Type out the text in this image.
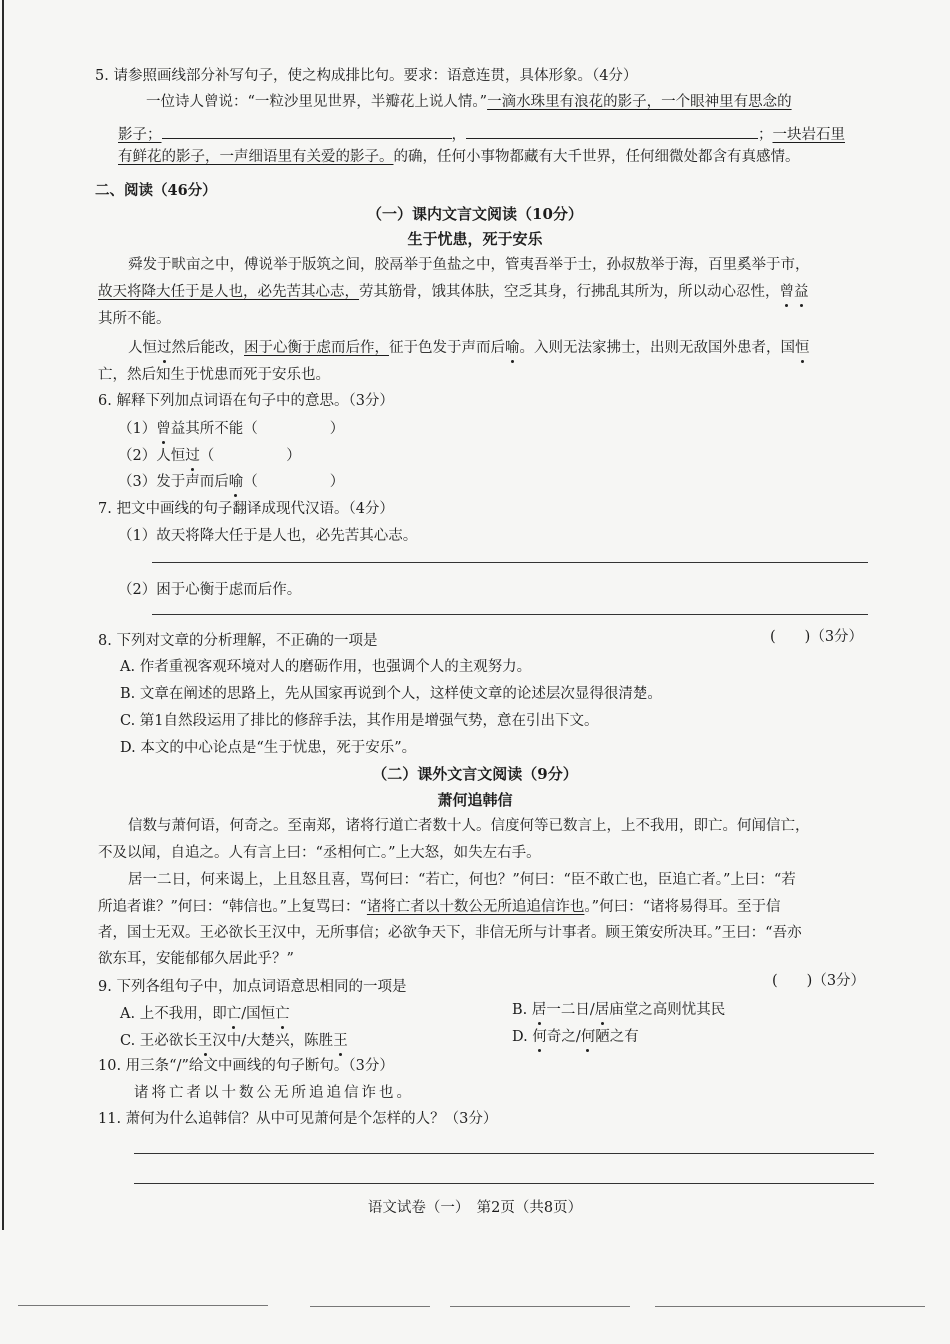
5. 请参照画线部分补写句子，使之构成排比句。要求：语意连贯，具体形象。（4分）
一位诗人曾说：“一粒沙里见世界，半瓣花上说人情。”一滴水珠里有浪花的影子，一个眼神里有思念的
影子；	，	；一块岩石里
有鲜花的影子，一声细语里有关爱的影子。的确，任何小事物都藏有大千世界，任何细微处都含有真感情。
二、阅读（46分）
（一）课内文言文阅读（10分）
生于忧患，死于安乐
舜发于畎亩之中，傅说举于版筑之间，胶鬲举于鱼盐之中，管夷吾举于士，孙叔敖举于海，百里奚举于市，
故天将降大任于是人也，必先苦其心志，劳其筋骨，饿其体肤，空乏其身，行拂乱其所为，所以动心忍性，曾益
其所不能。
人恒过然后能改，困于心衡于虑而后作，征于色发于声而后喻。入则无法家拂士，出则无敌国外患者，国恒
亡，然后知生于忧患而死于安乐也。
6. 解释下列加点词语在句子中的意思。（3分）
（1）曾益其所不能（	）
（2）人恒过（	）
（3）发于声而后喻（	）
7. 把文中画线的句子翻译成现代汉语。（4分）
（1）故天将降大任于是人也，必先苦其心志。
（2）困于心衡于虑而后作。
8. 下列对文章的分析理解，不正确的一项是	(　　)（3分）
A. 作者重视客观环境对人的磨砺作用，也强调个人的主观努力。
B. 文章在阐述的思路上，先从国家再说到个人，这样使文章的论述层次显得很清楚。
C. 第1自然段运用了排比的修辞手法，其作用是增强气势，意在引出下文。
D. 本文的中心论点是“生于忧患，死于安乐”。
（二）课外文言文阅读（9分）
萧何追韩信
信数与萧何语，何奇之。至南郑，诸将行道亡者数十人。信度何等已数言上，上不我用，即亡。何闻信亡，
不及以闻，自追之。人有言上曰：“丞相何亡。”上大怒，如失左右手。
居一二日，何来谒上，上且怒且喜，骂何曰：“若亡，何也？”何曰：“臣不敢亡也，臣追亡者。”上曰：“若
所追者谁？”何曰：“韩信也。”上复骂曰：“诸将亡者以十数公无所追追信诈也。”何曰：“诸将易得耳。至于信
者，国士无双。王必欲长王汉中，无所事信；必欲争天下，非信无所与计事者。顾王策安所决耳。”王曰：“吾亦
欲东耳，安能郁郁久居此乎？”
9. 下列各组句子中，加点词语意思相同的一项是	(　　)（3分）
A. 上不我用，即亡/国恒亡	B. 居一二日/居庙堂之高则忧其民
C. 王必欲长王汉中/大楚兴，陈胜王	D. 何奇之/何陋之有
10. 用三条“/”给文中画线的句子断句。（3分）
诸将亡者以十数公无所追追信诈也。
11. 萧何为什么追韩信？从中可见萧何是个怎样的人？（3分）
语文试卷（一）　第2页（共8页）
